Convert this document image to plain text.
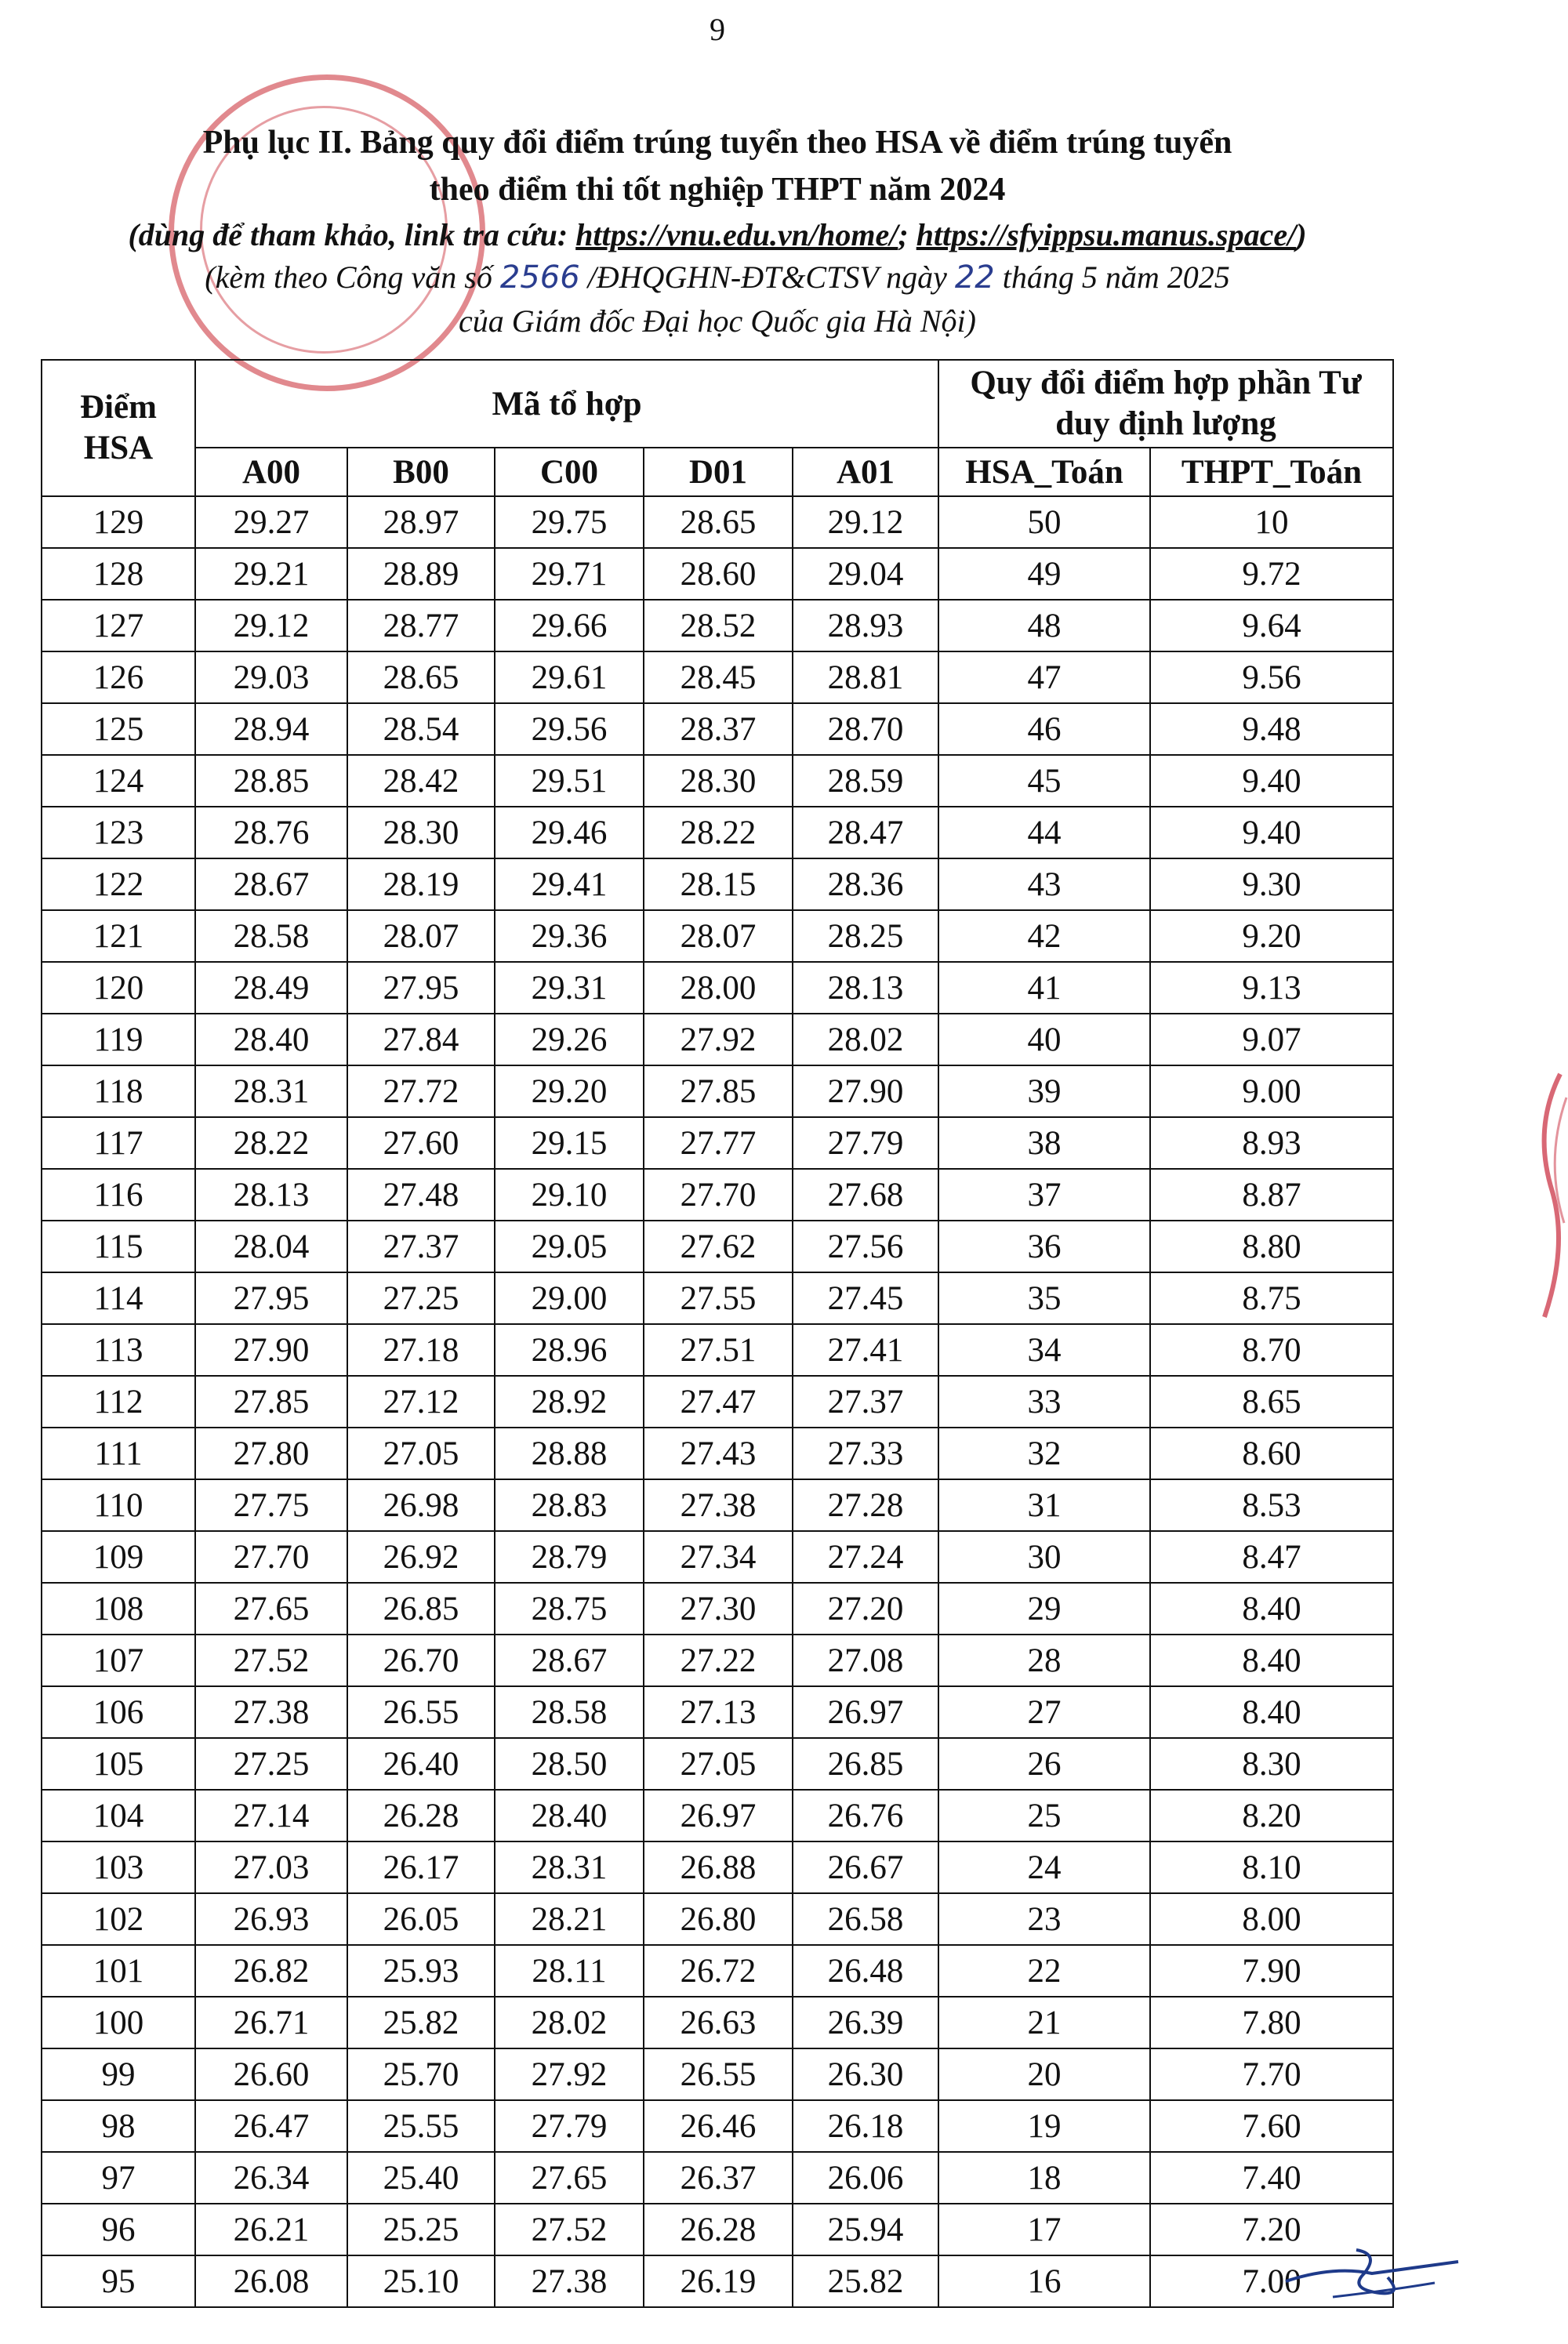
9
Phụ lục II. Bảng quy đổi điểm trúng tuyển theo HSA về điểm trúng tuyển
theo điểm thi tốt nghiệp THPT năm 2024
(dùng để tham khảo, link tra cứu: https://vnu.edu.vn/home/; https://sfyippsu.manus.space/)
(kèm theo Công văn số 2566 /ĐHQGHN-ĐT&CTSV ngày 22 tháng 5 năm 2025
của Giám đốc Đại học Quốc gia Hà Nội)
Điểm HSA	Mã tổ hợp					Quy đổi điểm hợp phần Tư duy định lượng	
	A00	B00	C00	D01	A01	HSA_Toán	THPT_Toán
129	29.27	28.97	29.75	28.65	29.12	50	10
128	29.21	28.89	29.71	28.60	29.04	49	9.72
127	29.12	28.77	29.66	28.52	28.93	48	9.64
126	29.03	28.65	29.61	28.45	28.81	47	9.56
125	28.94	28.54	29.56	28.37	28.70	46	9.48
124	28.85	28.42	29.51	28.30	28.59	45	9.40
123	28.76	28.30	29.46	28.22	28.47	44	9.40
122	28.67	28.19	29.41	28.15	28.36	43	9.30
121	28.58	28.07	29.36	28.07	28.25	42	9.20
120	28.49	27.95	29.31	28.00	28.13	41	9.13
119	28.40	27.84	29.26	27.92	28.02	40	9.07
118	28.31	27.72	29.20	27.85	27.90	39	9.00
117	28.22	27.60	29.15	27.77	27.79	38	8.93
116	28.13	27.48	29.10	27.70	27.68	37	8.87
115	28.04	27.37	29.05	27.62	27.56	36	8.80
114	27.95	27.25	29.00	27.55	27.45	35	8.75
113	27.90	27.18	28.96	27.51	27.41	34	8.70
112	27.85	27.12	28.92	27.47	27.37	33	8.65
111	27.80	27.05	28.88	27.43	27.33	32	8.60
110	27.75	26.98	28.83	27.38	27.28	31	8.53
109	27.70	26.92	28.79	27.34	27.24	30	8.47
108	27.65	26.85	28.75	27.30	27.20	29	8.40
107	27.52	26.70	28.67	27.22	27.08	28	8.40
106	27.38	26.55	28.58	27.13	26.97	27	8.40
105	27.25	26.40	28.50	27.05	26.85	26	8.30
104	27.14	26.28	28.40	26.97	26.76	25	8.20
103	27.03	26.17	28.31	26.88	26.67	24	8.10
102	26.93	26.05	28.21	26.80	26.58	23	8.00
101	26.82	25.93	28.11	26.72	26.48	22	7.90
100	26.71	25.82	28.02	26.63	26.39	21	7.80
99	26.60	25.70	27.92	26.55	26.30	20	7.70
98	26.47	25.55	27.79	26.46	26.18	19	7.60
97	26.34	25.40	27.65	26.37	26.06	18	7.40
96	26.21	25.25	27.52	26.28	25.94	17	7.20
95	26.08	25.10	27.38	26.19	25.82	16	7.00
